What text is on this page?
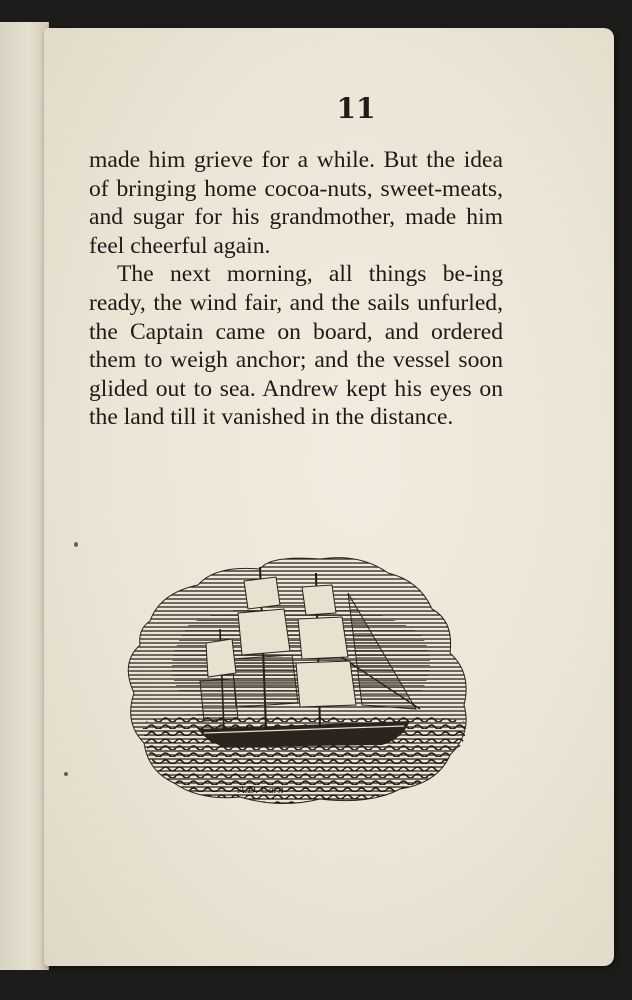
11

made him grieve for a while. But the idea of bringing home cocoa-nuts, sweet-meats, and sugar for his grandmother, made him feel cheerful again.

The next morning, all things be-ing ready, the wind fair, and the sails unfurled, the Captain came on board, and ordered them to weigh anchor; and the vessel soon glided out to sea. Andrew kept his eyes on the land till it vanished in the distance.

A.D. Carn
